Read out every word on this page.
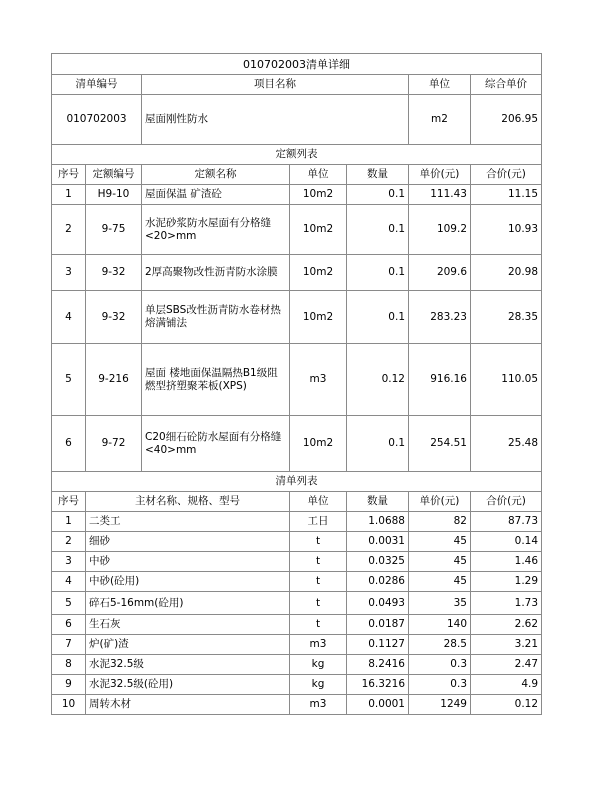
010702003清单详细						
清单编号		项目名称			单位	综合单价
010702003		屋面刚性防水			m2	206.95
定额列表						
序号	定额编号	定额名称	单位	数量	单价(元)	合价(元)
1	H9-10	屋面保温 矿渣砼	10m2	0.1	111.43	11.15
2	9-75	水泥砂浆防水屋面有分格缝<20>mm	10m2	0.1	109.2	10.93
3	9-32	2厚高聚物改性沥青防水涂膜	10m2	0.1	209.6	20.98
4	9-32	单层SBS改性沥青防水卷材热熔满铺法	10m2	0.1	283.23	28.35
5	9-216	屋面 楼地面保温隔热B1级阻燃型挤塑聚苯板(XPS)	m3	0.12	916.16	110.05
6	9-72	C20细石砼防水屋面有分格缝<40>mm	10m2	0.1	254.51	25.48
清单列表						
序号	主材名称、规格、型号		单位	数量	单价(元)	合价(元)
1	二类工		工日	1.0688	82	87.73
2	细砂		t	0.0031	45	0.14
3	中砂		t	0.0325	45	1.46
4	中砂(砼用)		t	0.0286	45	1.29
5	碎石5-16mm(砼用)		t	0.0493	35	1.73
6	生石灰		t	0.0187	140	2.62
7	炉(矿)渣		m3	0.1127	28.5	3.21
8	水泥32.5级		kg	8.2416	0.3	2.47
9	水泥32.5级(砼用)		kg	16.3216	0.3	4.9
10	周转木材		m3	0.0001	1249	0.12
